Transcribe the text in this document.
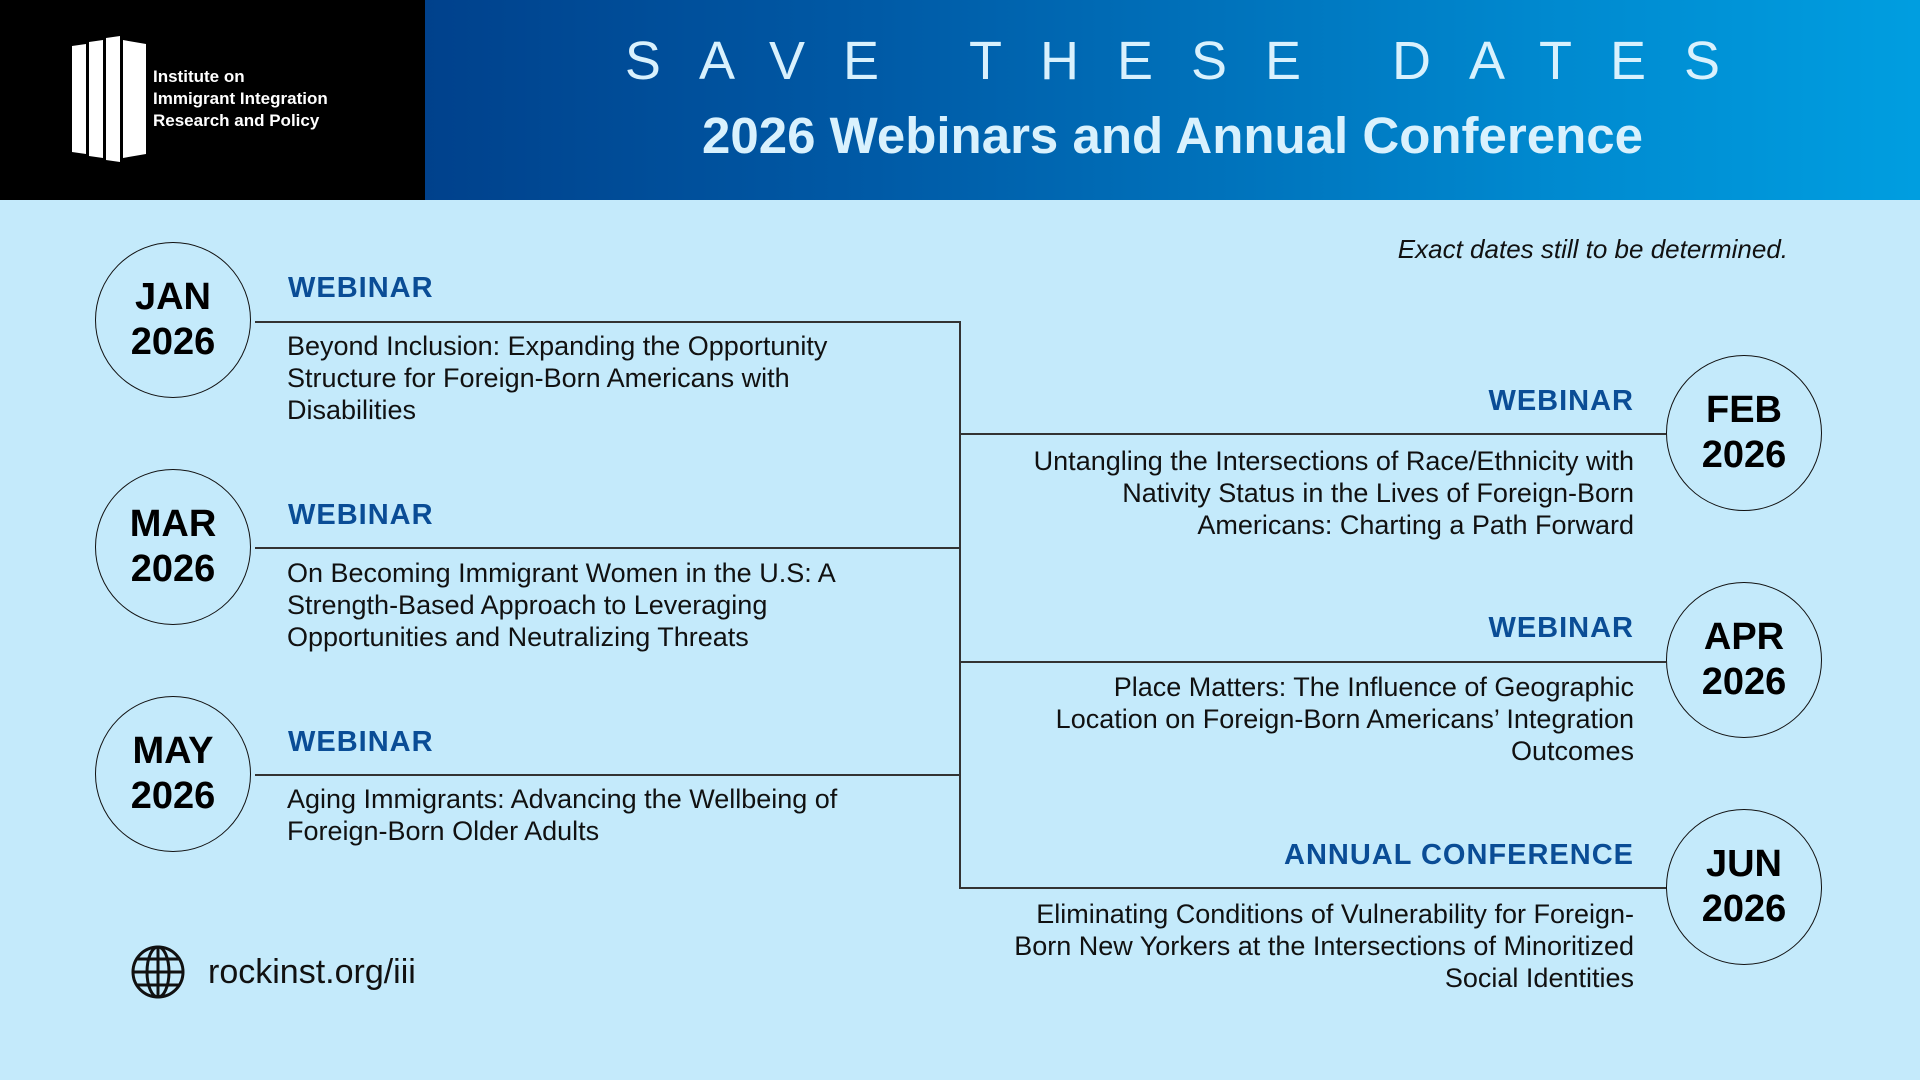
Institute on
Immigrant Integration
Research and Policy
SAVE THESE DATES
2026 Webinars and Annual Conference
Exact dates still to be determined.
JAN
2026
WEBINAR
Beyond Inclusion: Expanding the Opportunity Structure for Foreign-Born Americans with Disabilities
MAR
2026
WEBINAR
On Becoming Immigrant Women in the U.S: A Strength-Based Approach to Leveraging Opportunities and Neutralizing Threats
MAY
2026
WEBINAR
Aging Immigrants: Advancing the Wellbeing of Foreign-Born Older Adults
FEB
2026
WEBINAR
Untangling the Intersections of Race/Ethnicity with Nativity Status in the Lives of Foreign-Born Americans: Charting a Path Forward
APR
2026
WEBINAR
Place Matters: The Influence of Geographic Location on Foreign-Born Americans’ Integration Outcomes
JUN
2026
ANNUAL CONFERENCE
Eliminating Conditions of Vulnerability for Foreign-Born New Yorkers at the Intersections of Minoritized Social Identities
rockinst.org/iii
